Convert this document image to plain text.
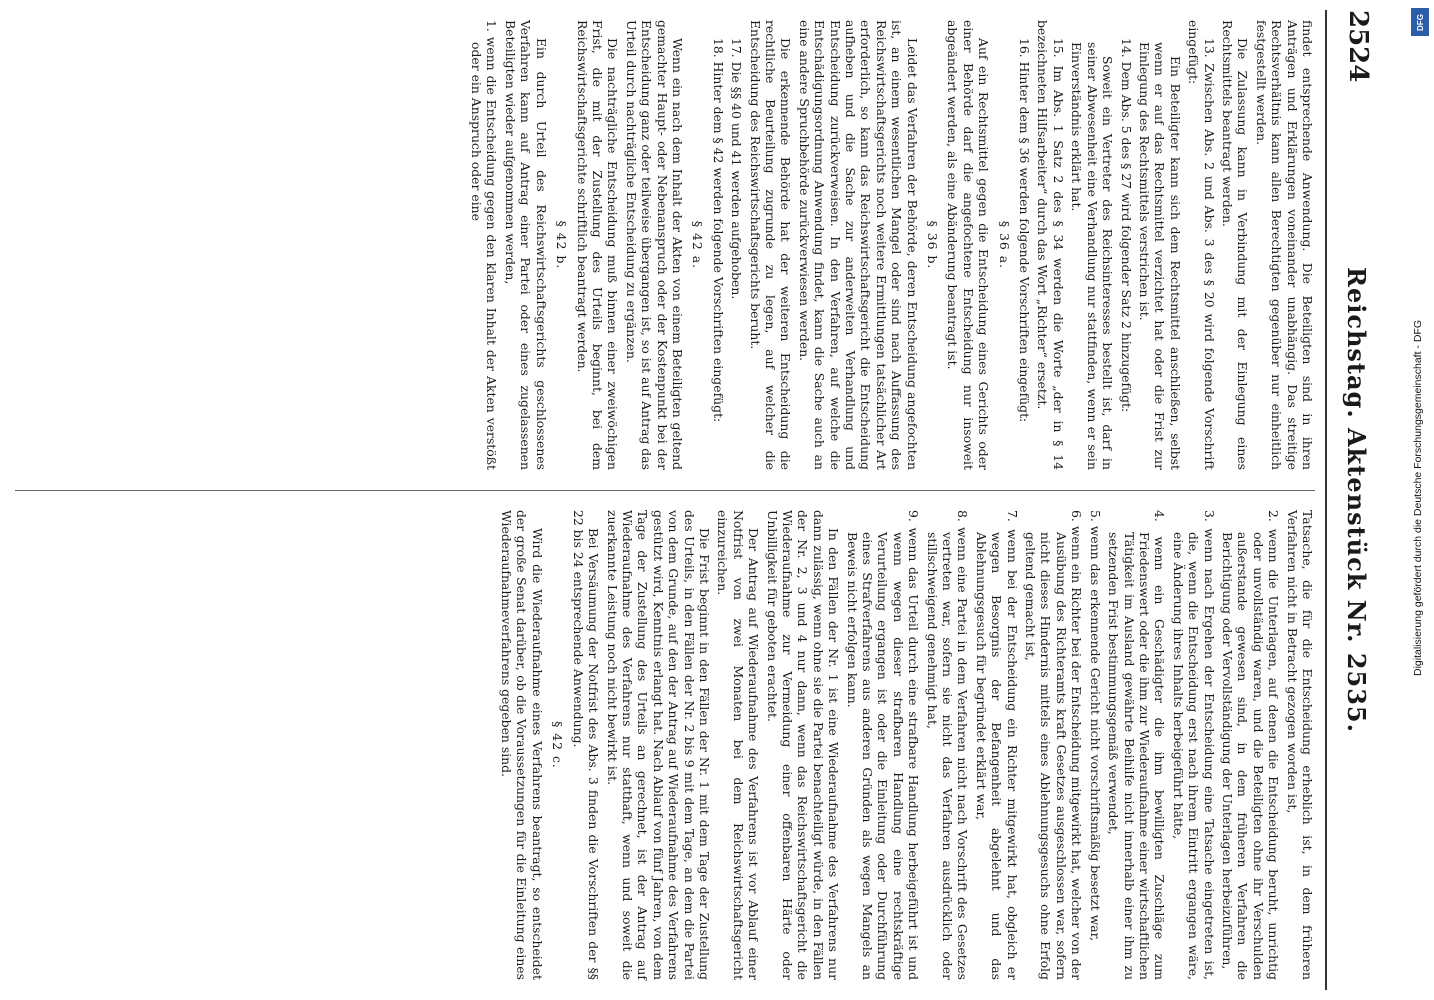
2524
Reichstag. Aktenstück Nr. 2535.

findet entsprechende Anwendung. Die Beteiligten sind in ihren Anträgen und Erklärungen voneinander unabhängig. Das streitige Rechtsverhältnis kann allen Berechtigten gegenüber nur einheitlich festgestellt werden.

Die Zulassung kann in Verbindung mit der Einlegung eines Rechtsmittels beantragt werden.

13. Zwischen Abs. 2 und Abs. 3 des § 20 wird folgende Vorschrift eingefügt:

Ein Beteiligter kann sich dem Rechtsmittel anschließen, selbst wenn er auf das Rechtsmittel verzichtet hat oder die Frist zur Einlegung des Rechtsmittels verstrichen ist.

14. Dem Abs. 5 des § 27 wird folgender Satz 2 hinzugefügt:

Soweit ein Vertreter des Reichsinteresses bestellt ist, darf in seiner Abwesenheit eine Verhandlung nur stattfinden, wenn er sein Einverständnis erklärt hat.

15. Im Abs. 1 Satz 2 des § 34 werden die Worte „der in § 14 bezeichneten Hilfsarbeiter“ durch das Wort „Richter“ ersetzt.

16. Hinter dem § 36 werden folgende Vorschriften eingefügt:

§ 36 a.

Auf ein Rechtsmittel gegen die Entscheidung eines Gerichts oder einer Behörde darf die angefochtene Entscheidung nur insoweit abgeändert werden, als eine Abänderung beantragt ist.

§ 36 b.

Leidet das Verfahren der Behörde, deren Entscheidung angefochten ist, an einem wesentlichen Mangel oder sind nach Auffassung des Reichswirtschaftsgerichts noch weitere Ermittlungen tatsächlicher Art erforderlich, so kann das Reichswirtschaftsgericht die Entscheidung aufheben und die Sache zur anderweiten Verhandlung und Entscheidung zurückverweisen. In den Verfahren, auf welche die Entschädigungsordnung Anwendung findet, kann die Sache auch an eine andere Spruchbehörde zurückverwiesen werden.

Die erkennende Behörde hat der weiteren Entscheidung die rechtliche Beurteilung zugrunde zu legen, auf welcher die Entscheidung des Reichswirtschaftsgerichts beruht.

17. Die §§ 40 und 41 werden aufgehoben.

18. Hinter dem § 42 werden folgende Vorschriften eingefügt:

§ 42 a.

Wenn ein nach dem Inhalt der Akten von einem Beteiligten geltend gemachter Haupt- oder Nebenanspruch oder der Kostenpunkt bei der Entscheidung ganz oder teilweise übergangen ist, so ist auf Antrag das Urteil durch nachträgliche Entscheidung zu ergänzen.

Die nachträgliche Entscheidung muß binnen einer zweiwöchigen Frist, die mit der Zustellung des Urteils beginnt, bei dem Reichswirtschaftsgerichte schriftlich beantragt werden.

§ 42 b.

Ein durch Urteil des Reichswirtschaftsgerichts geschlossenes Verfahren kann auf Antrag einer Partei oder eines zugelassenen Beteiligten wieder aufgenommen werden,

1. wenn die Entscheidung gegen den klaren Inhalt der Akten verstößt oder ein Anspruch oder eine

Tatsache, die für die Entscheidung erheblich ist, in dem früheren Verfahren nicht in Betracht gezogen worden ist,

2. wenn die Unterlagen, auf denen die Entscheidung beruht, unrichtig oder unvollständig waren, und die Beteiligten ohne ihr Verschulden außerstande gewesen sind, in dem früheren Verfahren die Berichtigung oder Vervollständigung der Unterlagen herbeizuführen,

3. wenn nach Ergehen der Entscheidung eine Tatsache eingetreten ist, die, wenn die Entscheidung erst nach ihrem Eintritt ergangen wäre, eine Änderung ihres Inhalts herbeigeführt hätte,

4. wenn ein Geschädigter die ihm bewilligten Zuschläge zum Friedenswert oder die ihm zur Wiederaufnahme einer wirtschaftlichen Tätigkeit im Ausland gewährte Beihilfe nicht innerhalb einer ihm zu setzenden Frist bestimmungsgemäß verwendet,

5. wenn das erkennende Gericht nicht vorschriftsmäßig besetzt war,

6. wenn ein Richter bei der Entscheidung mitgewirkt hat, welcher von der Ausübung des Richteramts kraft Gesetzes ausgeschlossen war, sofern nicht dieses Hindernis mittels eines Ablehnungsgesuchs ohne Erfolg geltend gemacht ist,

7. wenn bei der Entscheidung ein Richter mitgewirkt hat, obgleich er wegen Besorgnis der Befangenheit abgelehnt und das Ablehnungsgesuch für begründet erklärt war,

8. wenn eine Partei in dem Verfahren nicht nach Vorschrift des Gesetzes vertreten war, sofern sie nicht das Verfahren ausdrücklich oder stillschweigend genehmigt hat,

9. wenn das Urteil durch eine strafbare Handlung herbeigeführt ist und wenn wegen dieser strafbaren Handlung eine rechtskräftige Verurteilung ergangen ist oder die Einleitung oder Durchführung eines Strafverfahrens aus anderen Gründen als wegen Mangels an Beweis nicht erfolgen kann.

In den Fällen der Nr. 1 ist eine Wiederaufnahme des Verfahrens nur dann zulässig, wenn ohne sie die Partei benachteiligt würde, in den Fällen der Nr. 2, 3 und 4 nur dann, wenn das Reichswirtschaftsgericht die Wiederaufnahme zur Vermeidung einer offenbaren Härte oder Unbilligkeit für geboten erachtet.

Der Antrag auf Wiederaufnahme des Verfahrens ist vor Ablauf einer Notfrist von zwei Monaten bei dem Reichswirtschaftsgericht einzureichen.

Die Frist beginnt in den Fällen der Nr. 1 mit dem Tage der Zustellung des Urteils, in den Fällen der Nr. 2 bis 9 mit dem Tage, an dem die Partei von dem Grunde, auf den der Antrag auf Wiederaufnahme des Verfahrens gestützt wird, Kenntnis erlangt hat. Nach Ablauf von fünf Jahren, von dem Tage der Zustellung des Urteils an gerechnet, ist der Antrag auf Wiederaufnahme des Verfahrens nur statthaft, wenn und soweit die zuerkannte Leistung noch nicht bewirkt ist.

Bei Versäumung der Notfrist des Abs. 3 finden die Vorschriften der §§ 22 bis 24 entsprechende Anwendung.

§ 42 c.

Wird die Wiederaufnahme eines Verfahrens beantragt, so entscheidet der große Senat darüber, ob die Voraussetzungen für die Einleitung eines Wiederaufnahmeverfahrens gegeben sind.

DFG
Digitalisierung gefördert durch die Deutsche Forschungsgemeinschaft - DFG
